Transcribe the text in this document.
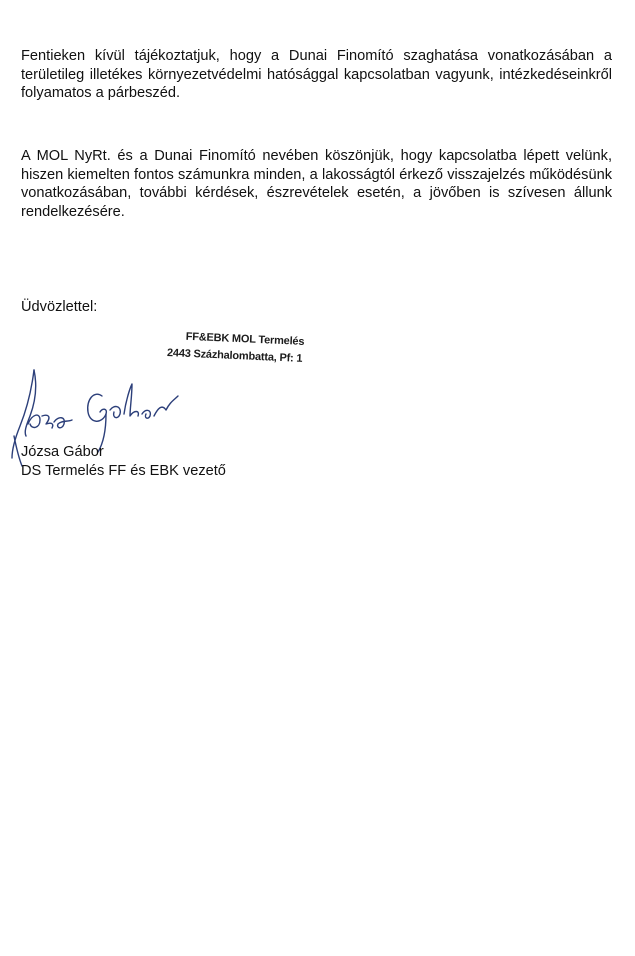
Fentieken kívül tájékoztatjuk, hogy a Dunai Finomító szaghatása vonatkozásában a területileg illetékes környezetvédelmi hatósággal kapcsolatban vagyunk, intézkedéseinkről folyamatos a párbeszéd.

A MOL NyRt. és a Dunai Finomító nevében köszönjük, hogy kapcsolatba lépett velünk, hiszen kiemelten fontos számunkra minden, a lakosságtól érkező visszajelzés működésünk vonatkozásában, további kérdések, észrevételek esetén, a jövőben is szívesen állunk rendelkezésére.

Üdvözlettel:

FF&EBK MOL Termelés
2443 Százhalombatta, Pf: 1

Józsa Gábor

DS Termelés FF és EBK vezető
